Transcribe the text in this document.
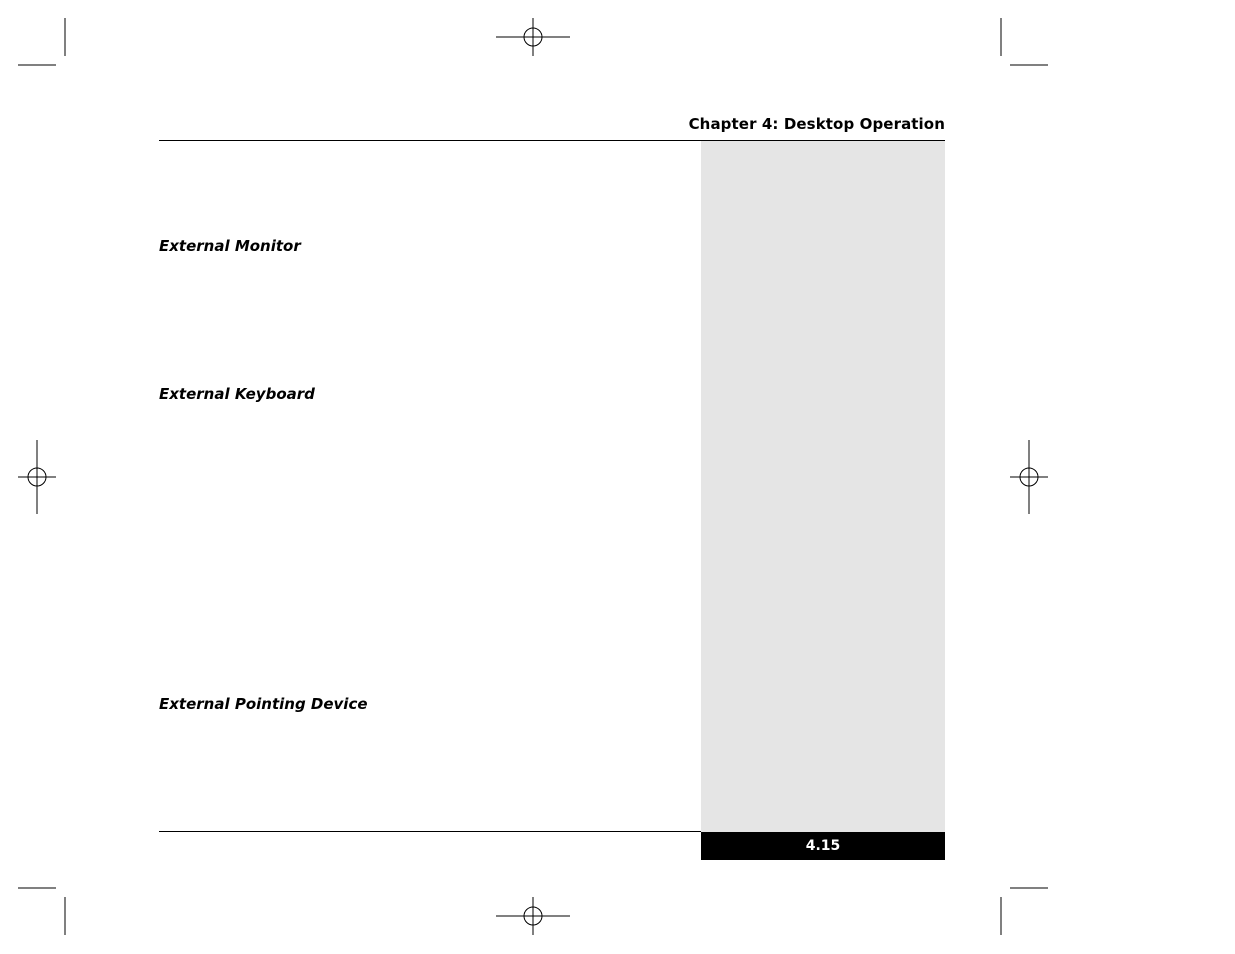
Chapter 4: Desktop Operation
External Monitor
External Keyboard
External Pointing Device
4.15
